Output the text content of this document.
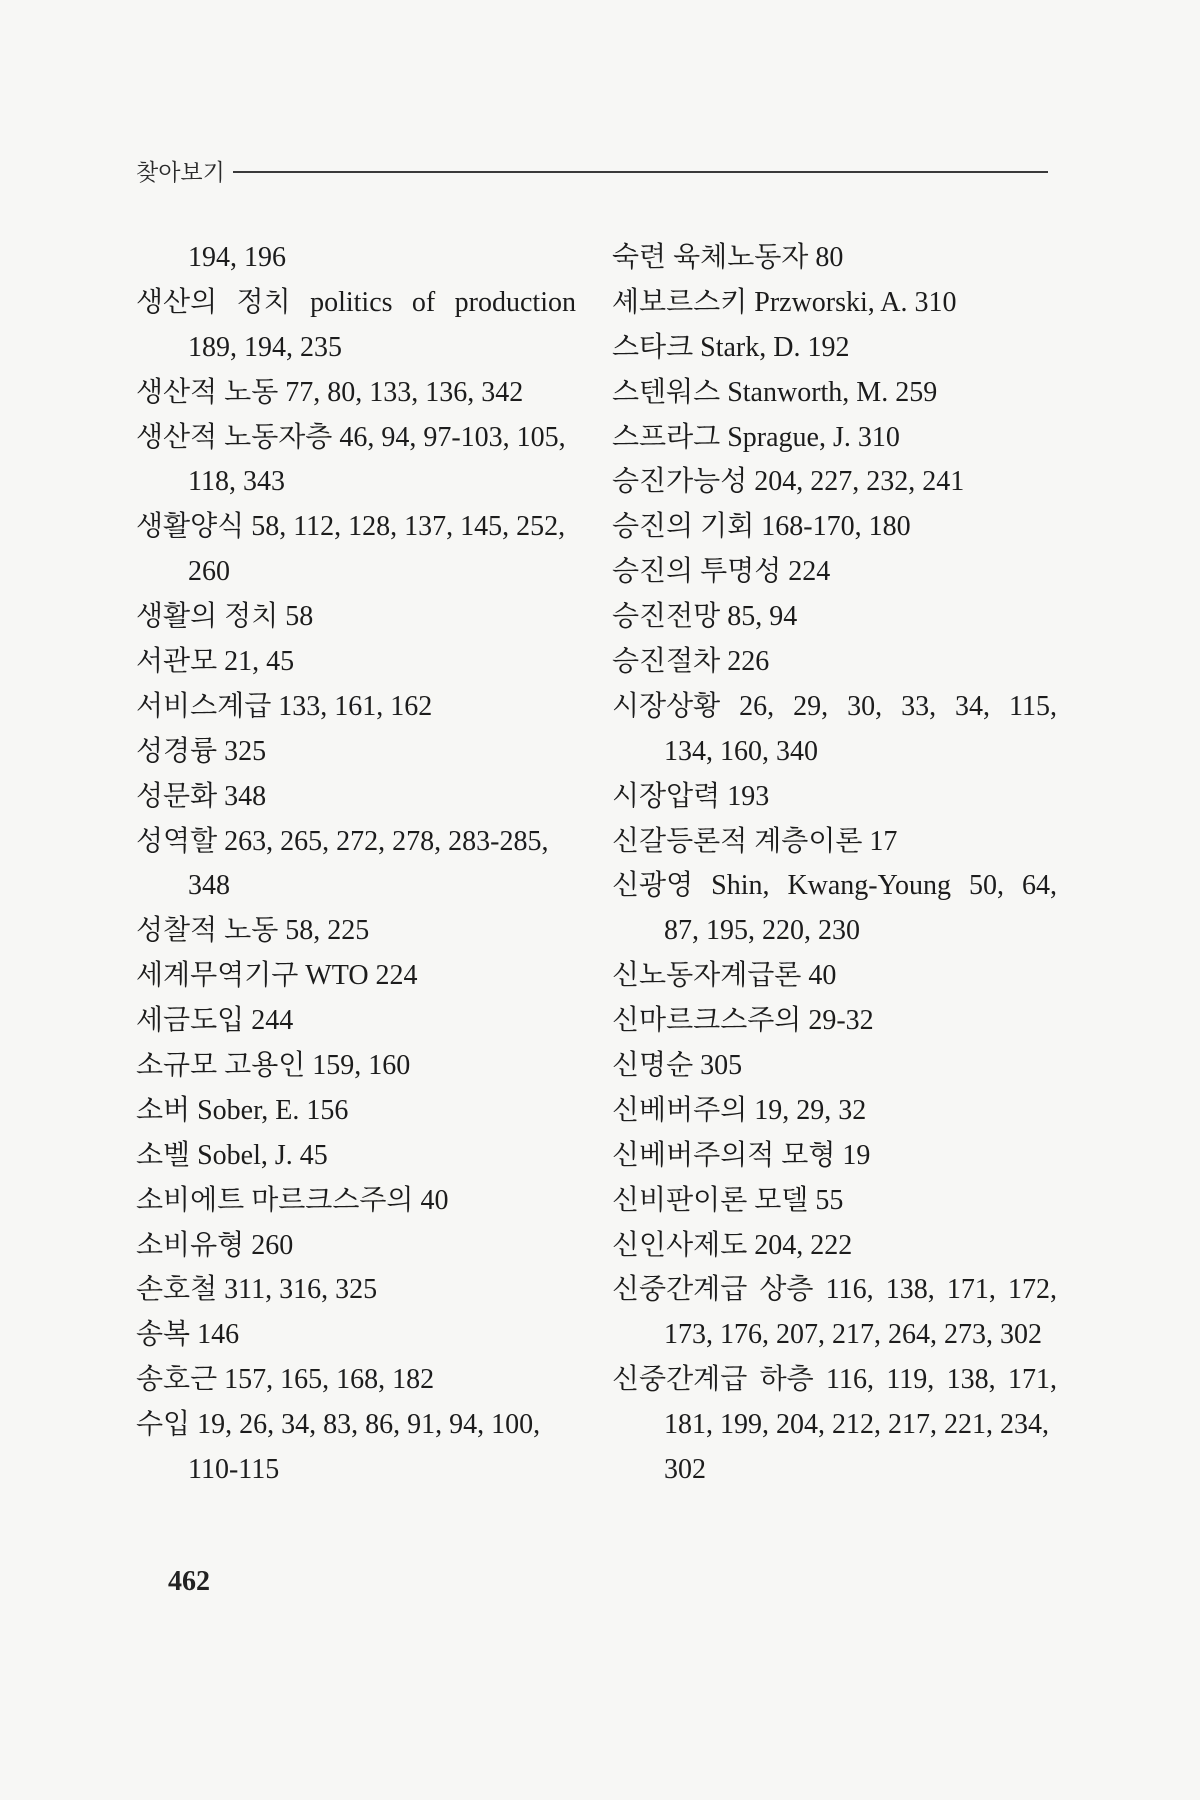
찾아보기
194, 196
생산의 정치 politics of production
189, 194, 235
생산적 노동 77, 80, 133, 136, 342
생산적 노동자층 46, 94, 97-103, 105,
118, 343
생활양식 58, 112, 128, 137, 145, 252,
260
생활의 정치 58
서관모 21, 45
서비스계급 133, 161, 162
성경륭 325
성문화 348
성역할 263, 265, 272, 278, 283-285,
348
성찰적 노동 58, 225
세계무역기구 WTO 224
세금도입 244
소규모 고용인 159, 160
소버 Sober, E. 156
소벨 Sobel, J. 45
소비에트 마르크스주의 40
소비유형 260
손호철 311, 316, 325
송복 146
송호근 157, 165, 168, 182
수입 19, 26, 34, 83, 86, 91, 94, 100,
110-115
숙련 육체노동자 80
셰보르스키 Przworski, A. 310
스타크 Stark, D. 192
스텐워스 Stanworth, M. 259
스프라그 Sprague, J. 310
승진가능성 204, 227, 232, 241
승진의 기회 168-170, 180
승진의 투명성 224
승진전망 85, 94
승진절차 226
시장상황 26, 29, 30, 33, 34, 115,
134, 160, 340
시장압력 193
신갈등론적 계층이론 17
신광영 Shin, Kwang-Young 50, 64,
87, 195, 220, 230
신노동자계급론 40
신마르크스주의 29-32
신명순 305
신베버주의 19, 29, 32
신베버주의적 모형 19
신비판이론 모델 55
신인사제도 204, 222
신중간계급 상층 116, 138, 171, 172,
173, 176, 207, 217, 264, 273, 302
신중간계급 하층 116, 119, 138, 171,
181, 199, 204, 212, 217, 221, 234,
302
462
